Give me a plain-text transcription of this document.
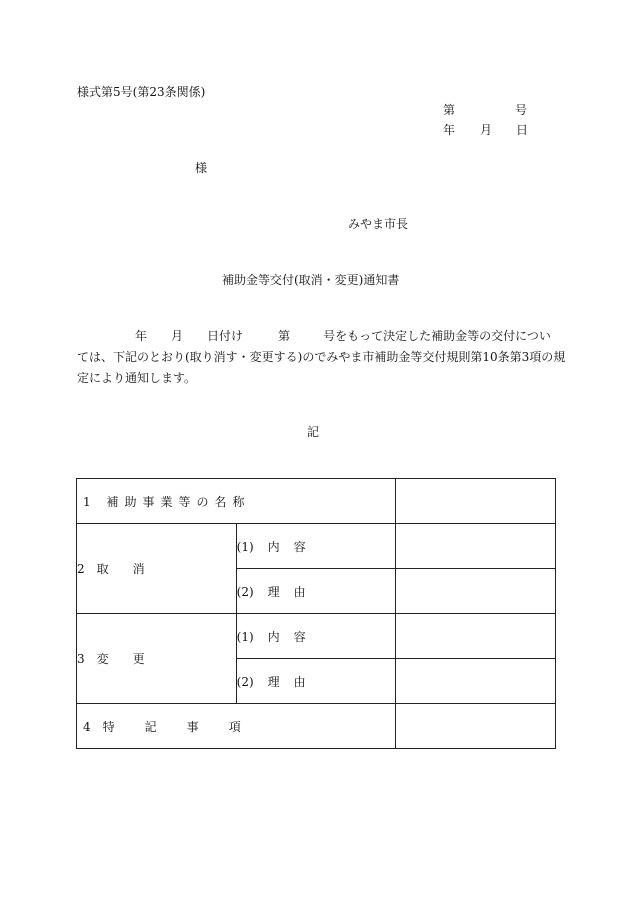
様式第5号(第23条関係)
第	号
年 月 日
様
みやま市長
補助金等交付(取消・変更)通知書
年 月 日付け	第	号をもって決定した補助金等の交付につい
ては、下記のとおり(取り消す・変更する)のでみやま市補助金等交付規則第10条第3項の規
定により通知します。
記
1 補助事業等の名称		
2 取 消	(1) 内 容	
	(2) 理 由	
3 変 更	(1) 内 容	
	(2) 理 由	
4 特 記 事 項		
